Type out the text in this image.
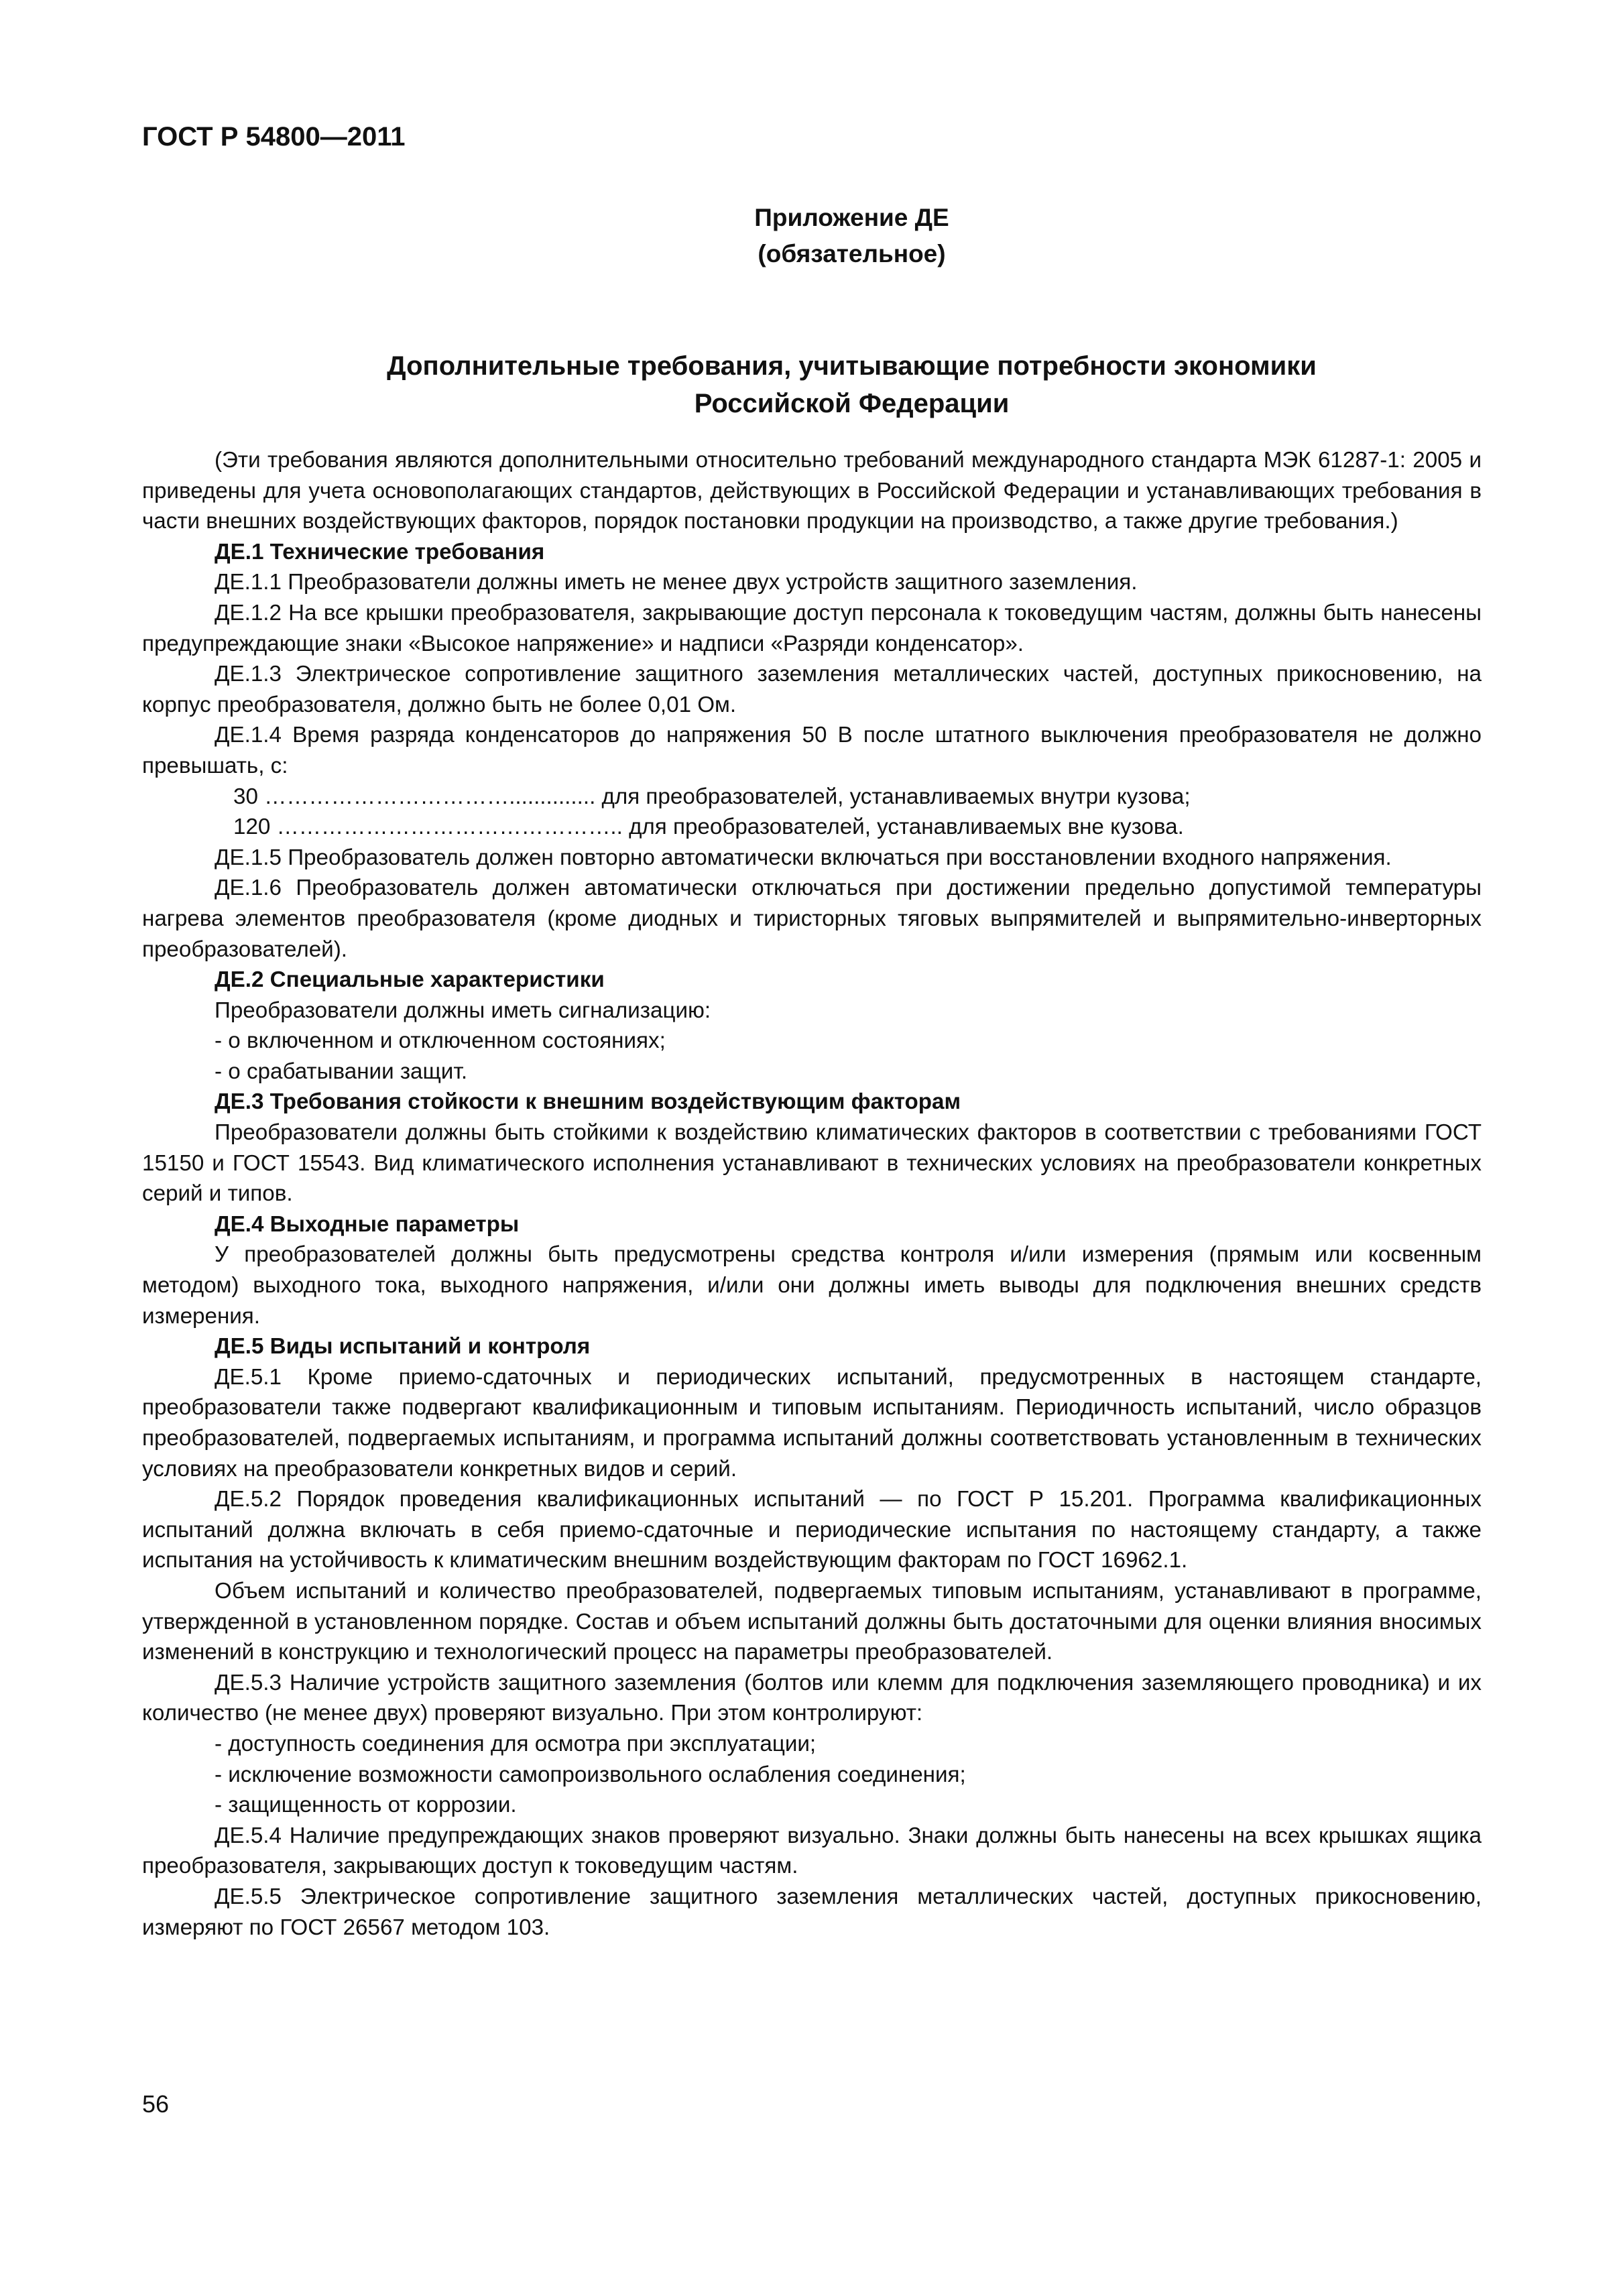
ГОСТ Р 54800—2011
Приложение ДЕ
(обязательное)
Дополнительные требования, учитывающие потребности экономики
Российской Федерации

(Эти требования являются дополнительными относительно требований международного стандарта МЭК 61287-1: 2005 и приведены для учета основополагающих стандартов, действующих в Российской Федерации и устанавливающих требования в части внешних воздействующих факторов, порядок постановки продукции на производство, а также другие требования.)

ДЕ.1 Технические требования

ДЕ.1.1 Преобразователи должны иметь не менее двух устройств защитного заземления.

ДЕ.1.2 На все крышки преобразователя, закрывающие доступ персонала к токоведущим частям, должны быть нанесены предупреждающие знаки «Высокое напряжение» и надписи «Разряди конденсатор».

ДЕ.1.3 Электрическое сопротивление защитного заземления металлических частей, доступных прикосновению, на корпус преобразователя, должно быть не более 0,01 Ом.

ДЕ.1.4 Время разряда конденсаторов до напряжения 50 В после штатного выключения преобразователя не должно превышать, с:

30 …………………………….............. для преобразователей, устанавливаемых внутри кузова;

120 ……………………………………….. для преобразователей, устанавливаемых вне кузова.

ДЕ.1.5 Преобразователь должен повторно автоматически включаться при восстановлении входного напряжения.

ДЕ.1.6 Преобразователь должен автоматически отключаться при достижении предельно допустимой температуры нагрева элементов преобразователя (кроме диодных и тиристорных тяговых выпрямителей и выпрямительно-инверторных преобразователей).

ДЕ.2 Специальные характеристики

Преобразователи должны иметь сигнализацию:

- о включенном и отключенном состояниях;

- о срабатывании защит.

ДЕ.3 Требования стойкости к внешним воздействующим факторам

Преобразователи должны быть стойкими к воздействию климатических факторов в соответствии с требованиями ГОСТ 15150 и ГОСТ 15543. Вид климатического исполнения устанавливают в технических условиях на преобразователи конкретных серий и типов.

ДЕ.4 Выходные параметры

У преобразователей должны быть предусмотрены средства контроля и/или измерения (прямым или косвенным методом) выходного тока, выходного напряжения, и/или они должны иметь выводы для подключения внешних средств измерения.

ДЕ.5 Виды испытаний и контроля

ДЕ.5.1 Кроме приемо-сдаточных и периодических испытаний, предусмотренных в настоящем стандарте, преобразователи также подвергают квалификационным и типовым испытаниям. Периодичность испытаний, число образцов преобразователей, подвергаемых испытаниям, и программа испытаний должны соответствовать установленным в технических условиях на преобразователи конкретных видов и серий.

ДЕ.5.2 Порядок проведения квалификационных испытаний — по ГОСТ Р 15.201. Программа квалификационных испытаний должна включать в себя приемо-сдаточные и периодические испытания по настоящему стандарту, а также испытания на устойчивость к климатическим внешним воздействующим факторам по ГОСТ 16962.1.

Объем испытаний и количество преобразователей, подвергаемых типовым испытаниям, устанавливают в программе, утвержденной в установленном порядке. Состав и объем испытаний должны быть достаточными для оценки влияния вносимых изменений в конструкцию и технологический процесс на параметры преобразователей.

ДЕ.5.3 Наличие устройств защитного заземления (болтов или клемм для подключения заземляющего проводника) и их количество (не менее двух) проверяют визуально. При этом контролируют:

- доступность соединения для осмотра при эксплуатации;

- исключение возможности самопроизвольного ослабления соединения;

- защищенность от коррозии.

ДЕ.5.4 Наличие предупреждающих знаков проверяют визуально. Знаки должны быть нанесены на всех крышках ящика преобразователя, закрывающих доступ к токоведущим частям.

ДЕ.5.5 Электрическое сопротивление защитного заземления металлических частей, доступных прикосновению, измеряют по ГОСТ 26567 методом 103.

56
